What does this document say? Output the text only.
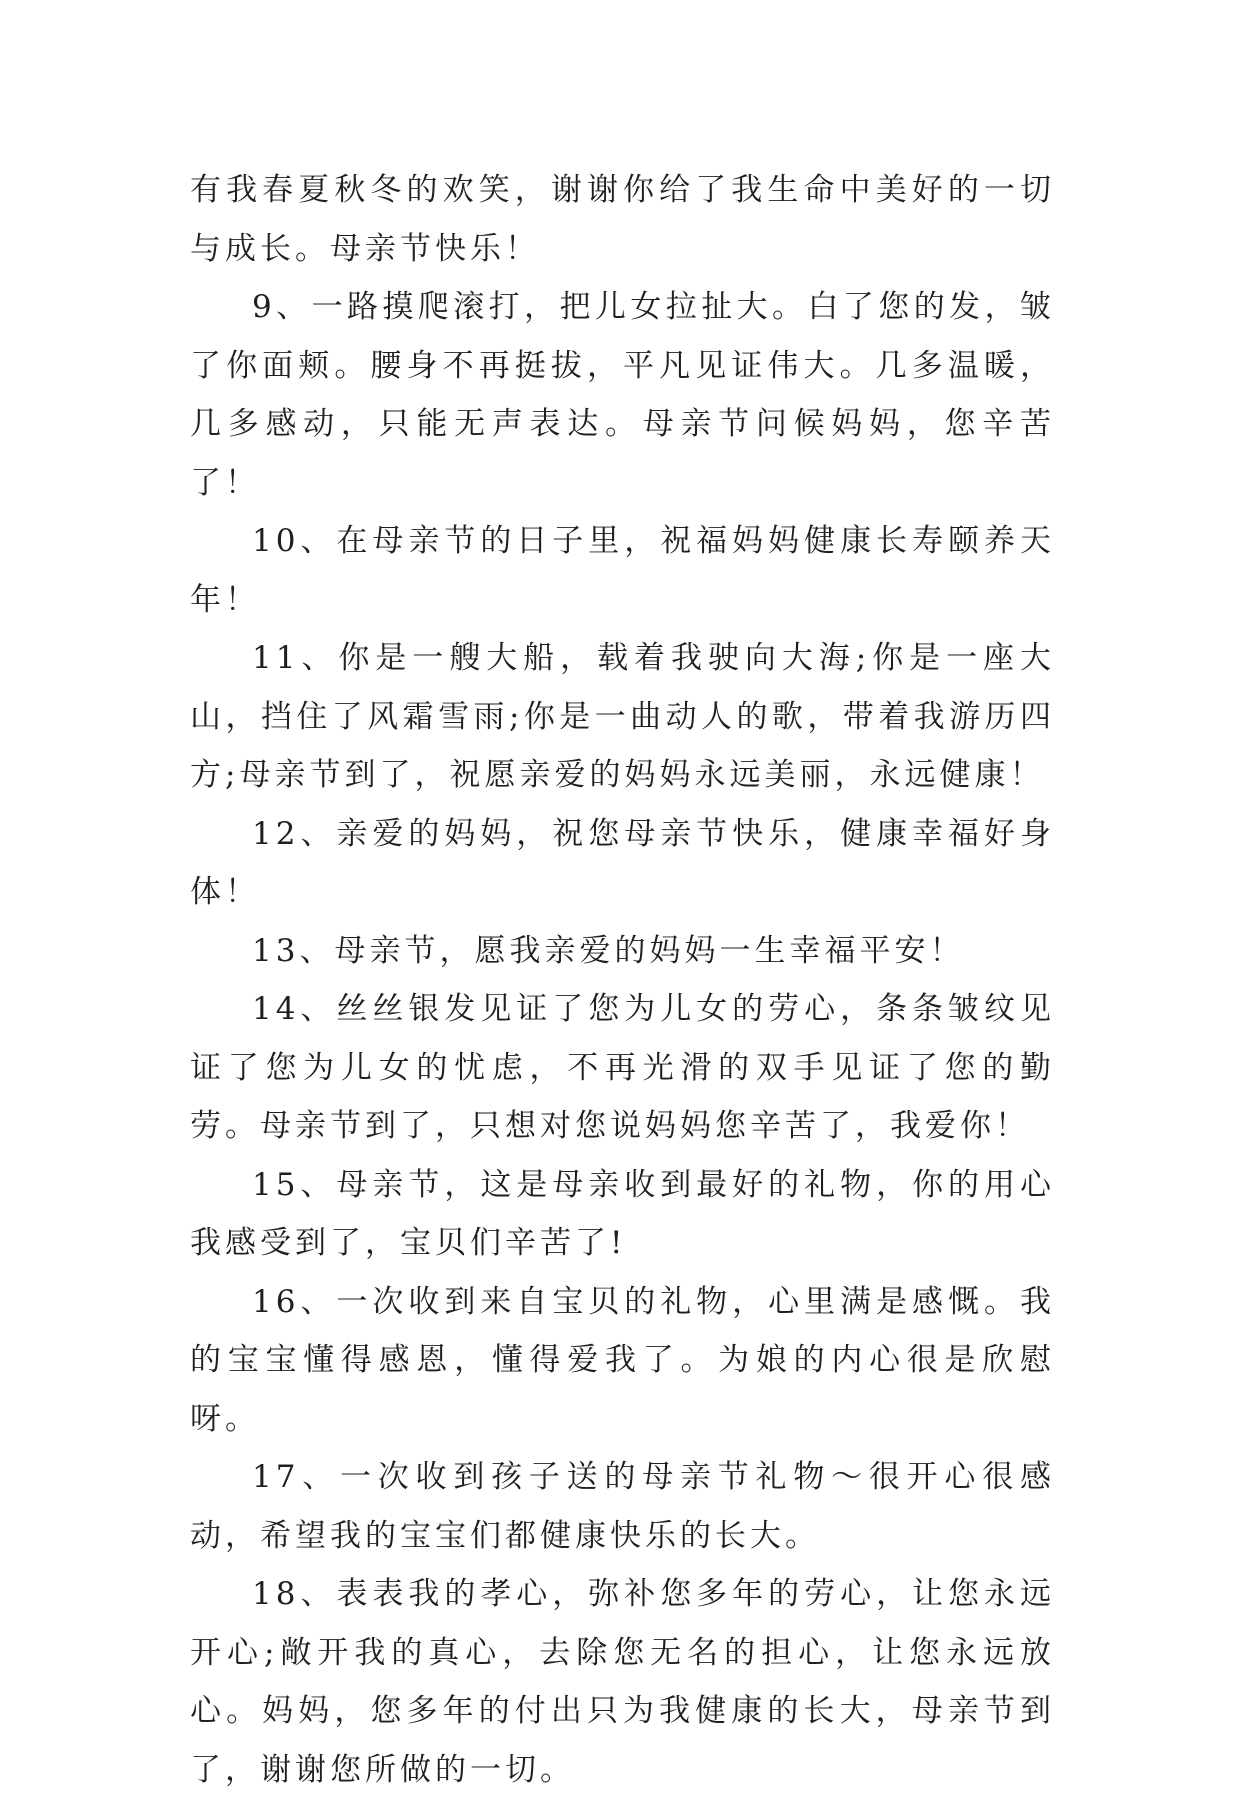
有我春夏秋冬的欢笑，谢谢你给了我生命中美好的一切与成长。母亲节快乐！

9、一路摸爬滚打，把儿女拉扯大。白了您的发，皱了你面颊。腰身不再挺拔，平凡见证伟大。几多温暖，几多感动，只能无声表达。母亲节问候妈妈，您辛苦了！

10、在母亲节的日子里，祝福妈妈健康长寿颐养天年！

11、你是一艘大船，载着我驶向大海;你是一座大山，挡住了风霜雪雨;你是一曲动人的歌，带着我游历四方;母亲节到了，祝愿亲爱的妈妈永远美丽，永远健康！

12、亲爱的妈妈，祝您母亲节快乐，健康幸福好身体！

13、母亲节，愿我亲爱的妈妈一生幸福平安！

14、丝丝银发见证了您为儿女的劳心，条条皱纹见证了您为儿女的忧虑，不再光滑的双手见证了您的勤劳。母亲节到了，只想对您说妈妈您辛苦了，我爱你！

15、母亲节，这是母亲收到最好的礼物，你的用心我感受到了，宝贝们辛苦了!

16、一次收到来自宝贝的礼物，心里满是感慨。我的宝宝懂得感恩，懂得爱我了。为娘的内心很是欣慰呀。

17、一次收到孩子送的母亲节礼物～很开心很感动，希望我的宝宝们都健康快乐的长大。

18、表表我的孝心，弥补您多年的劳心，让您永远开心;敞开我的真心，去除您无名的担心，让您永远放心。妈妈，您多年的付出只为我健康的长大，母亲节到了，谢谢您所做的一切。
